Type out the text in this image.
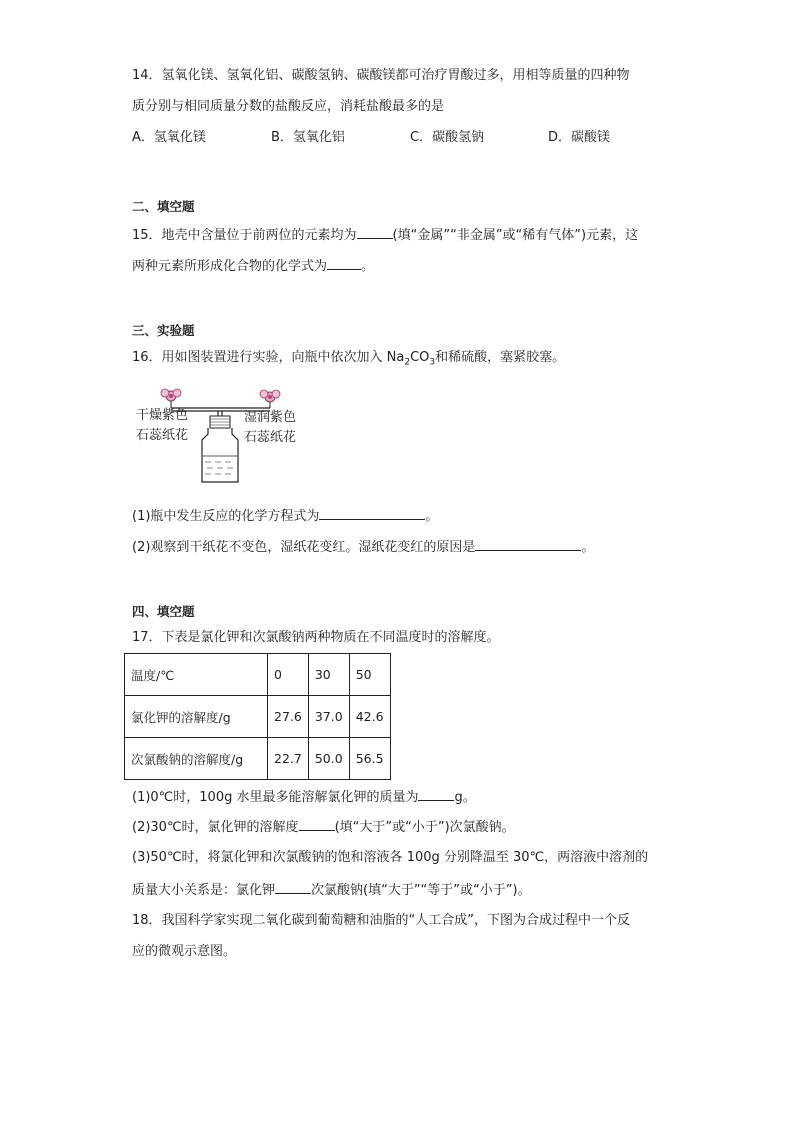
14．氢氧化镁、氢氧化铝、碳酸氢钠、碳酸镁都可治疗胃酸过多，用相等质量的四种物
质分别与相同质量分数的盐酸反应，消耗盐酸最多的是
A．氢氧化镁	B．氢氧化铝	C．碳酸氢钠	D．碳酸镁
二、填空题
15．地壳中含量位于前两位的元素均为	(填“金属”“非金属”或“稀有气体”)元素，这
两种元素所形成化合物的化学式为	。
三、实验题
16．用如图装置进行实验，向瓶中依次加入 $Na_2CO_3$和稀硫酸，塞紧胶塞。
干燥紫色
石蕊纸花
湿润紫色
石蕊纸花
(1)瓶中发生反应的化学方程式为	。
(2)观察到干纸花不变色，湿纸花变红。湿纸花变红的原因是	。
四、填空题
17．下表是氯化钾和次氯酸钠两种物质在不同温度时的溶解度。
温度/℃	0	30	50
氯化钾的溶解度/g	27.6	37.0	42.6
次氯酸钠的溶解度/g	22.7	50.0	56.5
(1)0℃时，100g 水里最多能溶解氯化钾的质量为	g。
(2)30℃时，氯化钾的溶解度	(填“大于”或“小于”)次氯酸钠。
(3)50℃时，将氯化钾和次氯酸钠的饱和溶液各 100g 分别降温至 30℃，两溶液中溶剂的
质量大小关系是：氯化钾	次氯酸钠(填“大于”“等于”或“小于”)。
18．我国科学家实现二氧化碳到葡萄糖和油脂的“人工合成”，下图为合成过程中一个反
应的微观示意图。
